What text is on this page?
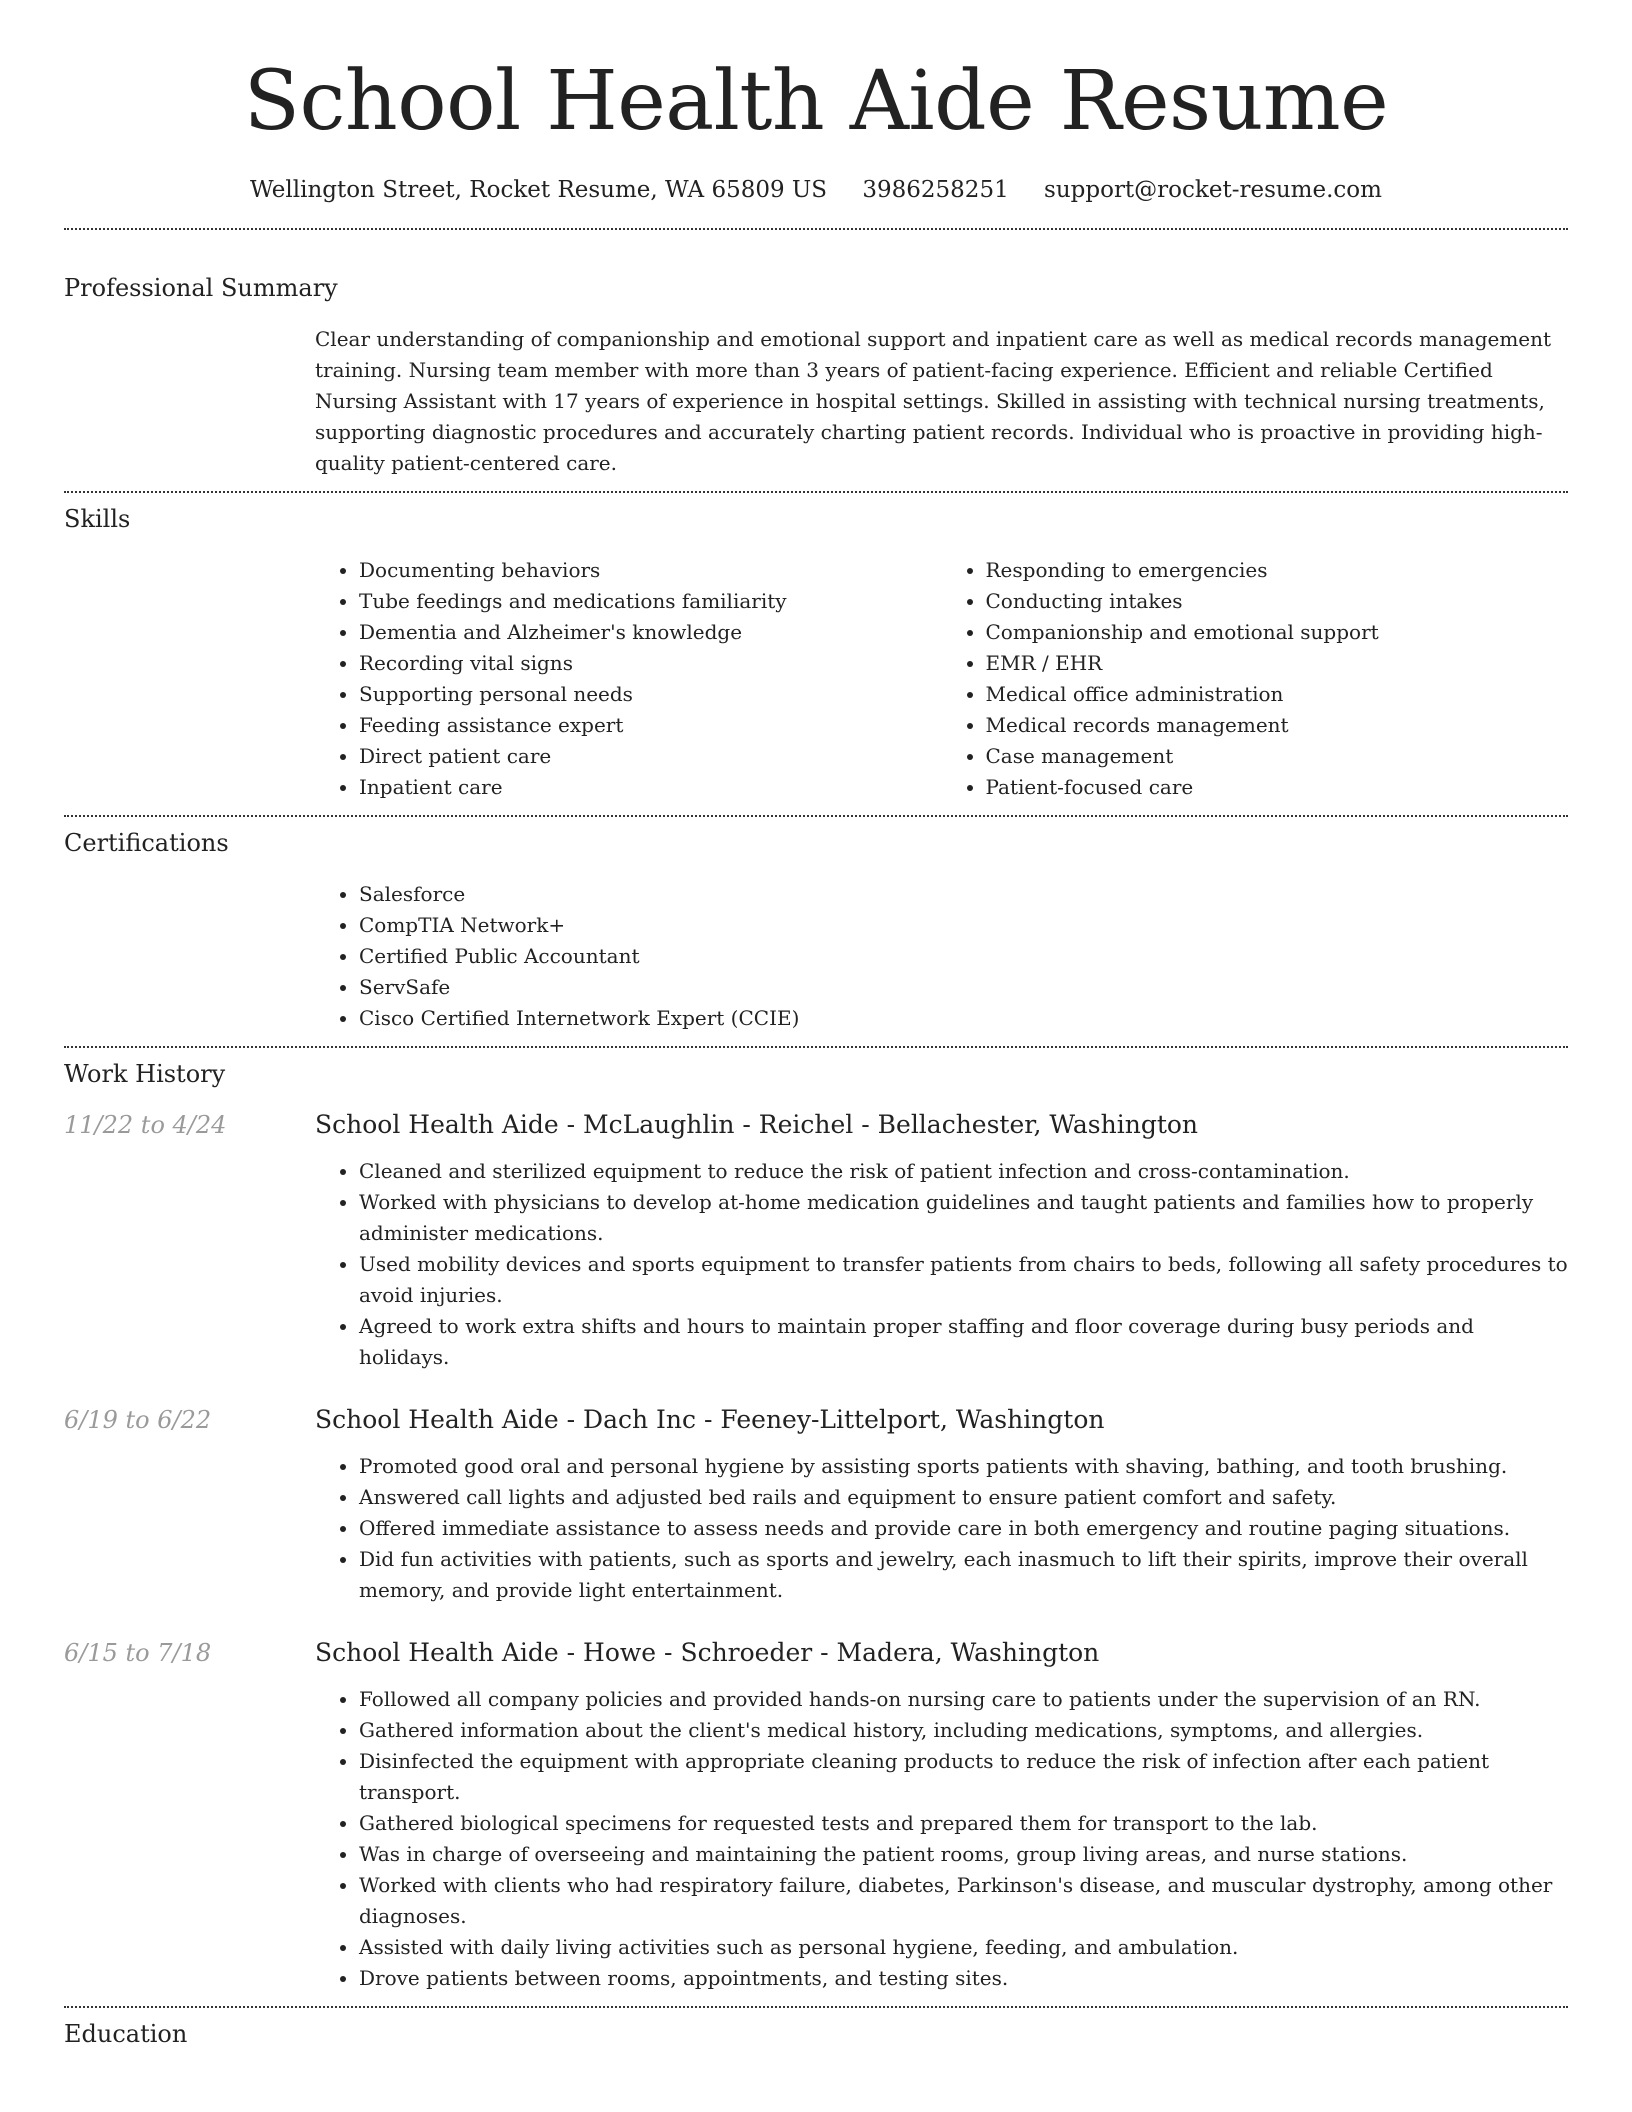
School Health Aide Resume
Wellington Street, Rocket Resume, WA 65809 US 3986258251 support@rocket-resume.com
Professional Summary
Clear understanding of companionship and emotional support and inpatient care as well as medical records management training. Nursing team member with more than 3 years of patient-facing experience. Efficient and reliable Certified Nursing Assistant with 17 years of experience in hospital settings. Skilled in assisting with technical nursing treatments, supporting diagnostic procedures and accurately charting patient records. Individual who is proactive in providing high-quality patient-centered care.
Skills
• Documenting behaviors
• Tube feedings and medications familiarity
• Dementia and Alzheimer's knowledge
• Recording vital signs
• Supporting personal needs
• Feeding assistance expert
• Direct patient care
• Inpatient care
• Responding to emergencies
• Conducting intakes
• Companionship and emotional support
• EMR / EHR
• Medical office administration
• Medical records management
• Case management
• Patient-focused care
Certifications
• Salesforce
• CompTIA Network+
• Certified Public Accountant
• ServSafe
• Cisco Certified Internetwork Expert (CCIE)
Work History
11/22 to 4/24	School Health Aide - McLaughlin - Reichel - Bellachester, Washington
• Cleaned and sterilized equipment to reduce the risk of patient infection and cross-contamination.
• Worked with physicians to develop at-home medication guidelines and taught patients and families how to properly administer medications.
• Used mobility devices and sports equipment to transfer patients from chairs to beds, following all safety procedures to avoid injuries.
• Agreed to work extra shifts and hours to maintain proper staffing and floor coverage during busy periods and holidays.
6/19 to 6/22	School Health Aide - Dach Inc - Feeney-Littelport, Washington
• Promoted good oral and personal hygiene by assisting sports patients with shaving, bathing, and tooth brushing.
• Answered call lights and adjusted bed rails and equipment to ensure patient comfort and safety.
• Offered immediate assistance to assess needs and provide care in both emergency and routine paging situations.
• Did fun activities with patients, such as sports and jewelry, each inasmuch to lift their spirits, improve their overall memory, and provide light entertainment.
6/15 to 7/18	School Health Aide - Howe - Schroeder - Madera, Washington
• Followed all company policies and provided hands-on nursing care to patients under the supervision of an RN.
• Gathered information about the client's medical history, including medications, symptoms, and allergies.
• Disinfected the equipment with appropriate cleaning products to reduce the risk of infection after each patient transport.
• Gathered biological specimens for requested tests and prepared them for transport to the lab.
• Was in charge of overseeing and maintaining the patient rooms, group living areas, and nurse stations.
• Worked with clients who had respiratory failure, diabetes, Parkinson's disease, and muscular dystrophy, among other diagnoses.
• Assisted with daily living activities such as personal hygiene, feeding, and ambulation.
• Drove patients between rooms, appointments, and testing sites.
Education
